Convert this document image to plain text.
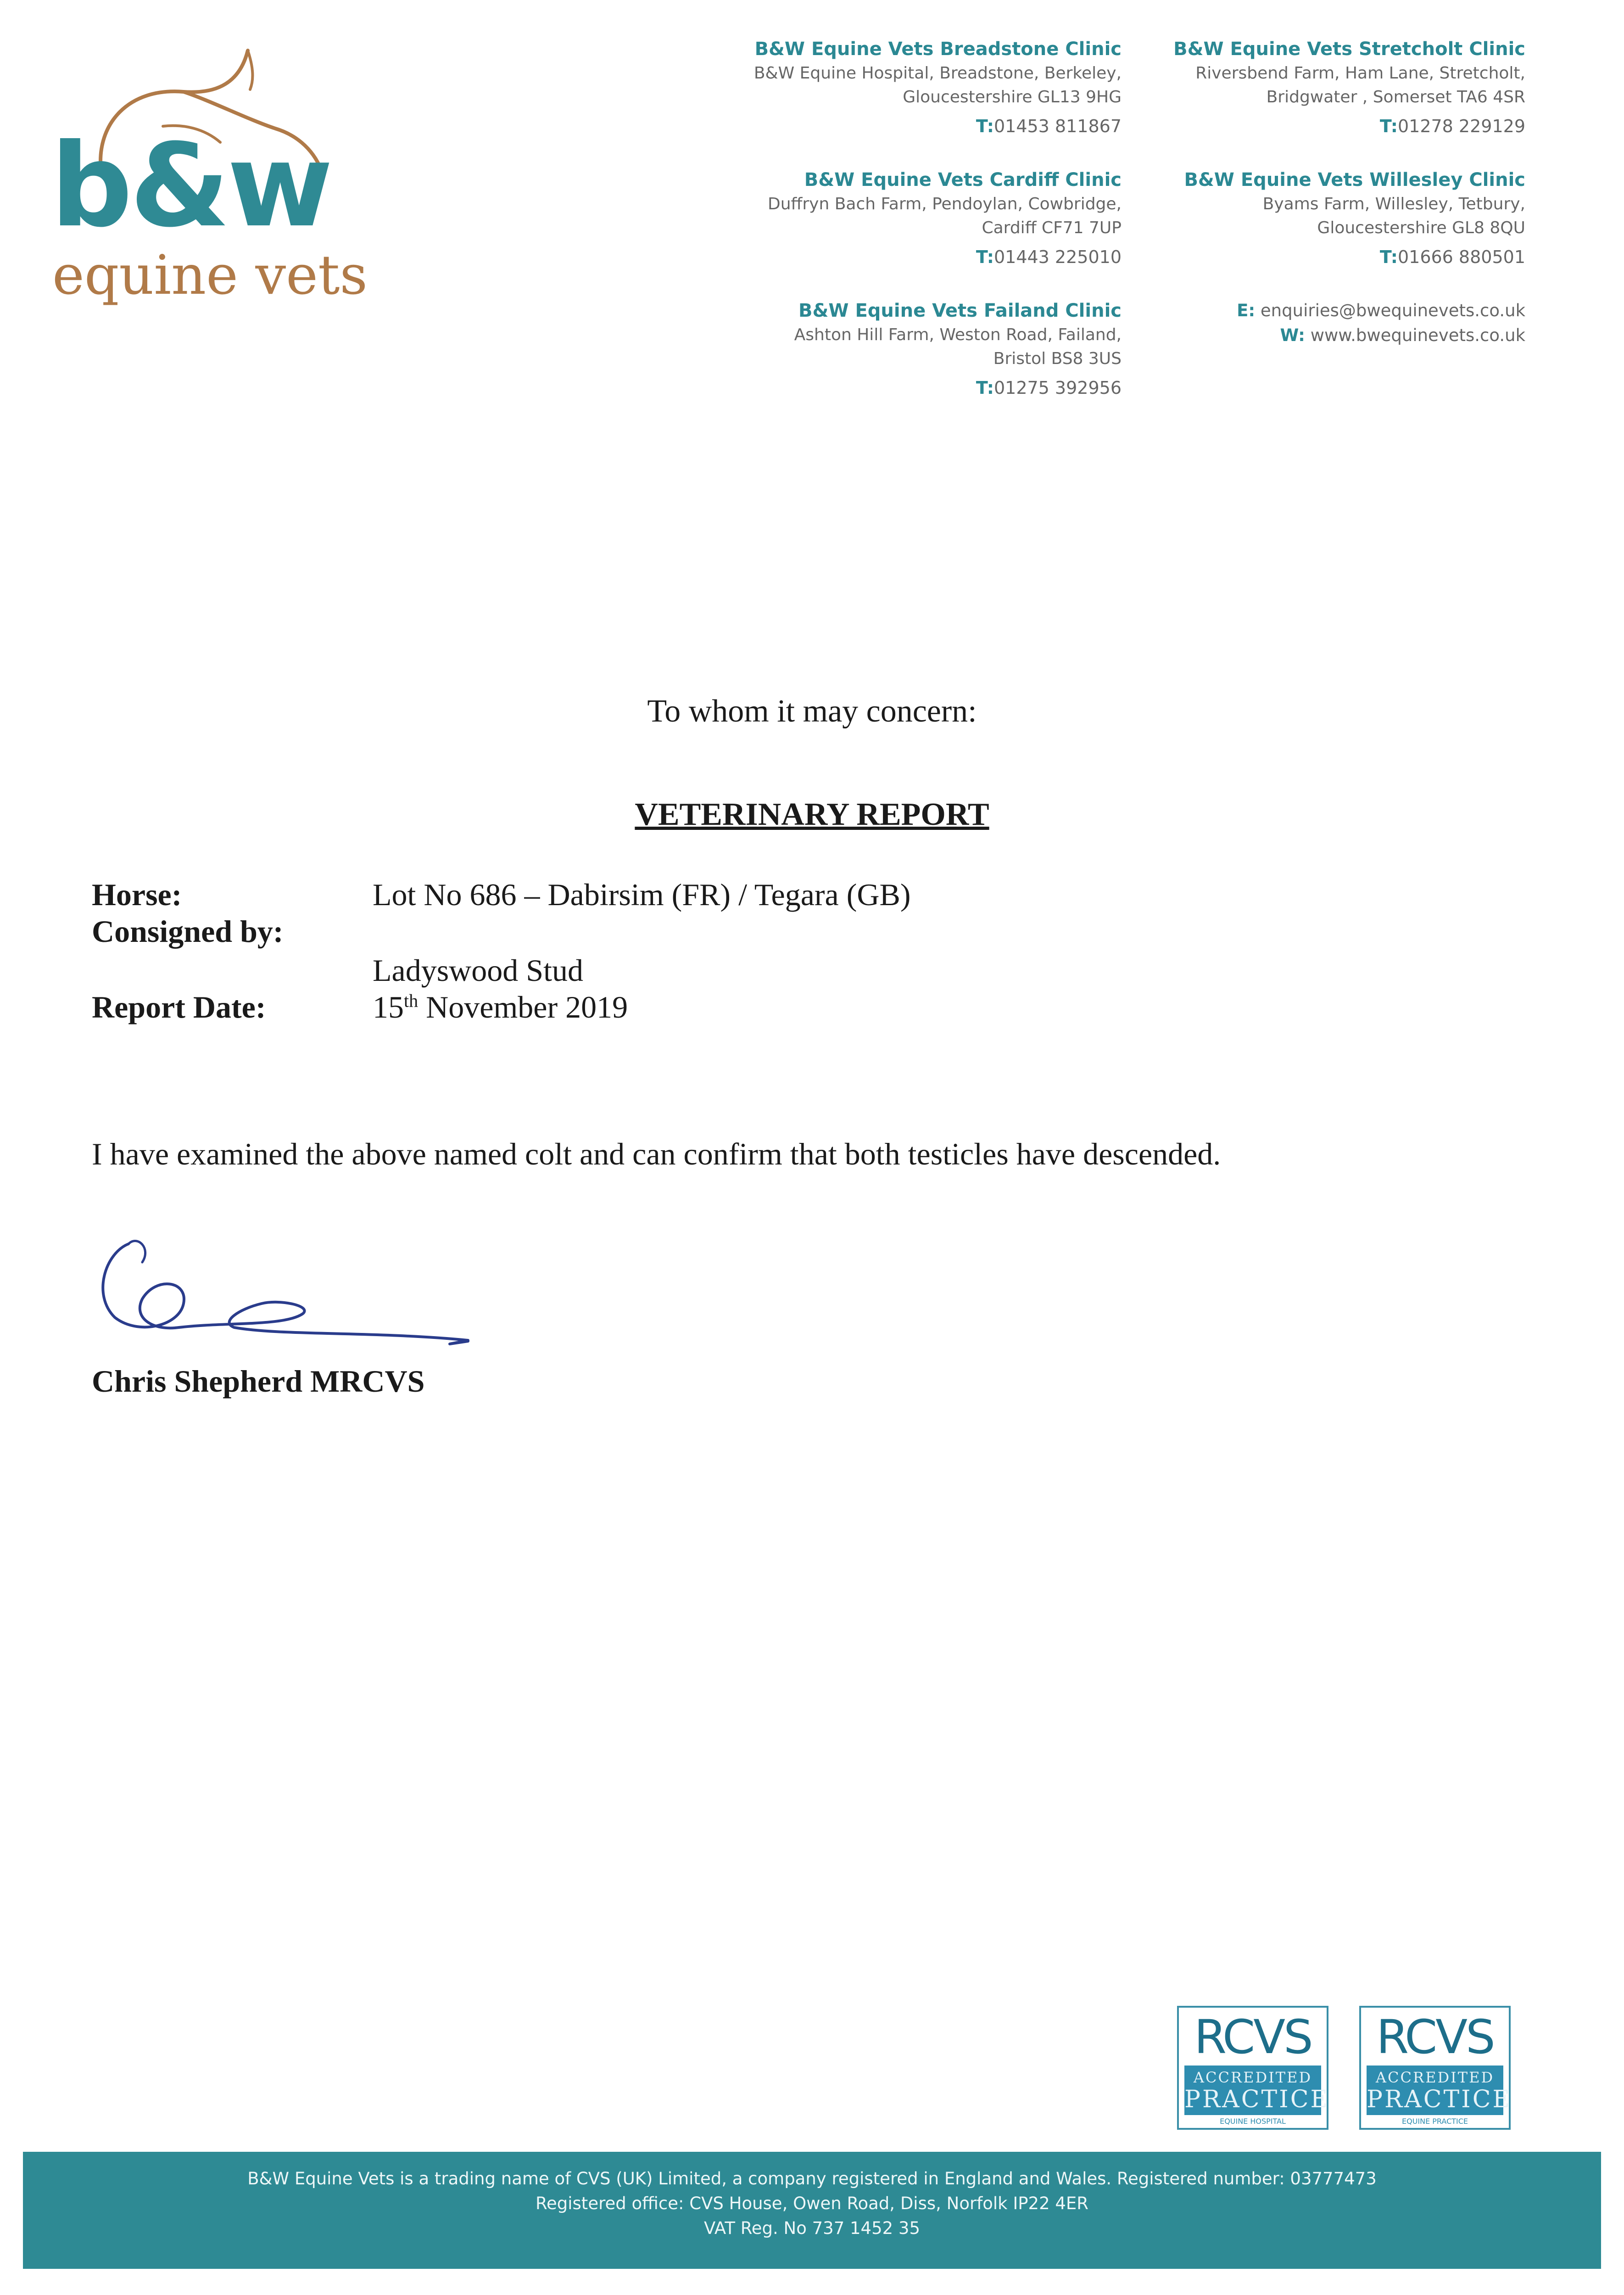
b&w
equine vets
B&W Equine Vets Breadstone Clinic
B&W Equine Hospital, Breadstone, Berkeley,
Gloucestershire GL13 9HG
T:01453 811867
B&W Equine Vets Cardiff Clinic
Duffryn Bach Farm, Pendoylan, Cowbridge,
Cardiff CF71 7UP
T:01443 225010
B&W Equine Vets Failand Clinic
Ashton Hill Farm, Weston Road, Failand,
Bristol BS8 3US
T:01275 392956
B&W Equine Vets Stretcholt Clinic
Riversbend Farm, Ham Lane, Stretcholt,
Bridgwater , Somerset TA6 4SR
T:01278 229129
B&W Equine Vets Willesley Clinic
Byams Farm, Willesley, Tetbury,
Gloucestershire GL8 8QU
T:01666 880501
E: enquiries@bwequinevets.co.uk
W: www.bwequinevets.co.uk
To whom it may concern:
VETERINARY REPORT
Horse:	Lot No 686 – Dabirsim (FR) / Tegara (GB)
Consigned by:
Ladyswood Stud
Report Date:	15th November 2019
I have examined the above named colt and can confirm that both testicles have descended.
Chris Shepherd MRCVS
RCVS
ACCREDITED
PRACTICE
EQUINE HOSPITAL
RCVS
ACCREDITED
PRACTICE
EQUINE PRACTICE
B&W Equine Vets is a trading name of CVS (UK) Limited, a company registered in England and Wales. Registered number: 03777473
Registered office: CVS House, Owen Road, Diss, Norfolk IP22 4ER
VAT Reg. No 737 1452 35
